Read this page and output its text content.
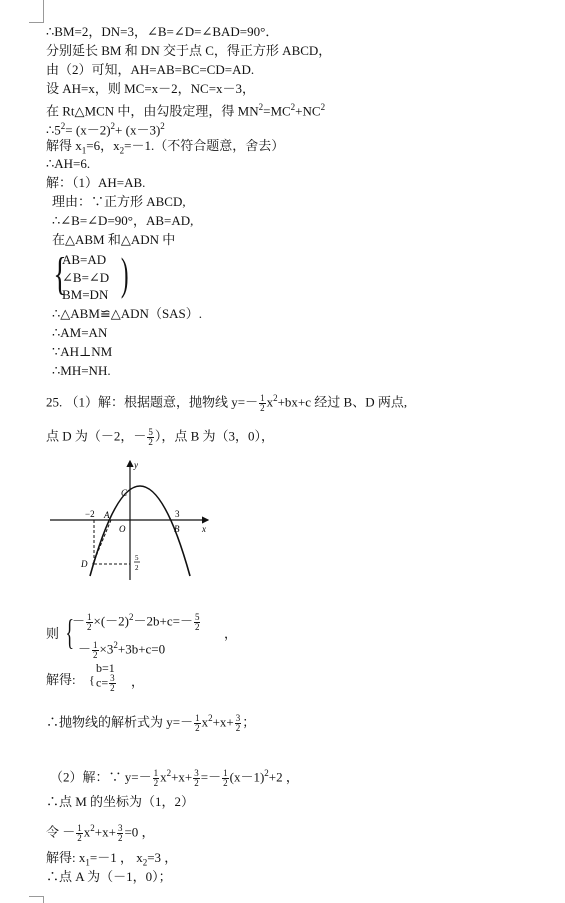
∴BM=2，DN=3，∠B=∠D=∠BAD=90°．
分别延长 BM 和 DN 交于点 C，得正方形 ABCD，
由（2）可知，AH=AB=BC=CD=AD.
设 AH=x，则 MC=x－2，NC=x－3，
在 Rt△MCN 中，由勾股定理，得 $MN^2=MC^2+NC^2$
$\therefore 5^2= (x-2)^2+ (x-3)^2$
解得 $x_1=6$，$x_2=-1$.（不符合题意，舍去）
∴AH=6.
解：（1）AH=AB.
理由：∵正方形 ABCD,
∴∠B=∠D=90°，AB=AD,
在△ABM 和△ADN 中
{
AB=AD
∠B=∠D
BM=DN )
∴△ABM≌△ADN（SAS）.
∴AM=AN
∵AH⊥NM
∴MH=NH.
25. （1）解：根据题意，抛物线 $y=- \frac{1}{2} x^2+bx+c$ 经过 B、D 两点,
点 D 为（－2，－ $\frac{5}{2}$ ），点 B 为（3，0），
y
x
C
A
O	B
3
−2
D
5
2
则 {
－ $\frac{1}{2} \times(-2)^2-2b+c=- \frac{5}{2}$
－ $\frac{1}{2} \times 3^2+3b+c=0$
，
解得:
b=1
{ $c= \frac{3}{2}$ ，
∴抛物线的解析式为 $y=- \frac{1}{2} x^2+x+ \frac{3}{2}$ ；
（2）解：∵ $y=- \frac{1}{2} x^2+x+ \frac{3}{2} =- \frac{1}{2} (x-1)^2+2$ ，
∴点 M 的坐标为（1，2）
令 － $\frac{1}{2} x^2+x+ \frac{3}{2} =0$ ，
解得: $x_1=-1$ ， $x_2=3$ ，
∴点 A 为（－1，0）；
